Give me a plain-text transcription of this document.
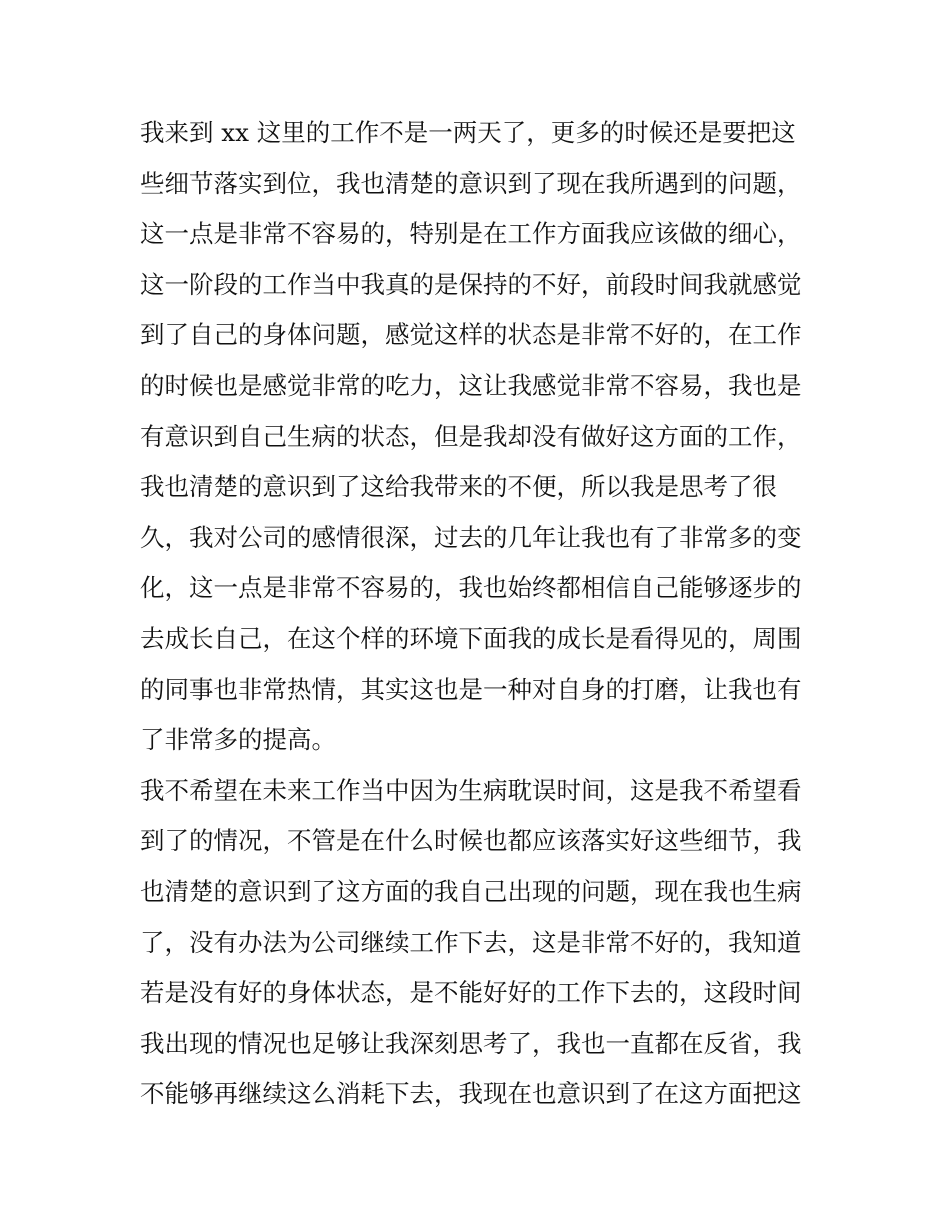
我来到 xx 这里的工作不是一两天了，更多的时候还是要把这
些细节落实到位，我也清楚的意识到了现在我所遇到的问题，
这一点是非常不容易的，特别是在工作方面我应该做的细心，
这一阶段的工作当中我真的是保持的不好，前段时间我就感觉
到了自己的身体问题，感觉这样的状态是非常不好的，在工作
的时候也是感觉非常的吃力，这让我感觉非常不容易，我也是
有意识到自己生病的状态，但是我却没有做好这方面的工作，
我也清楚的意识到了这给我带来的不便，所以我是思考了很
久，我对公司的感情很深，过去的几年让我也有了非常多的变
化，这一点是非常不容易的，我也始终都相信自己能够逐步的
去成长自己，在这个样的环境下面我的成长是看得见的，周围
的同事也非常热情，其实这也是一种对自身的打磨，让我也有
了非常多的提高。
我不希望在未来工作当中因为生病耽误时间，这是我不希望看
到了的情况，不管是在什么时候也都应该落实好这些细节，我
也清楚的意识到了这方面的我自己出现的问题，现在我也生病
了，没有办法为公司继续工作下去，这是非常不好的，我知道
若是没有好的身体状态，是不能好好的工作下去的，这段时间
我出现的情况也足够让我深刻思考了，我也一直都在反省，我
不能够再继续这么消耗下去，我现在也意识到了在这方面把这
